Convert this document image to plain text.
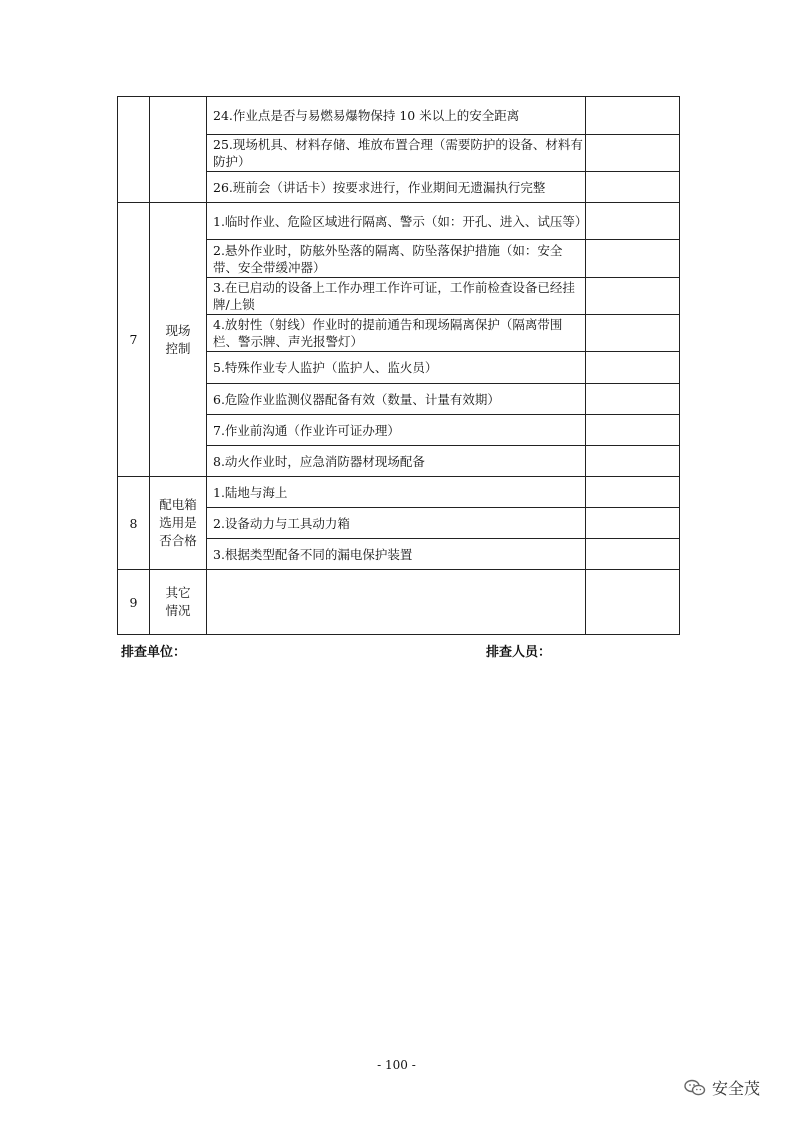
		24.作业点是否与易燃易爆物保持 10 米以上的安全距离	
		25.现场机具、材料存储、堆放布置合理（需要防护的设备、材料有防护）	
		26.班前会（讲话卡）按要求进行，作业期间无遗漏执行完整	
7	现场控制	1.临时作业、危险区域进行隔离、警示（如：开孔、进入、试压等）	
		2.悬外作业时，防舷外坠落的隔离、防坠落保护措施（如：安全带、安全带缓冲器）	
		3.在已启动的设备上工作办理工作许可证，工作前检查设备已经挂牌/上锁	
		4.放射性（射线）作业时的提前通告和现场隔离保护（隔离带围栏、警示牌、声光报警灯）	
		5.特殊作业专人监护（监护人、监火员）	
		6.危险作业监测仪器配备有效（数量、计量有效期）	
		7.作业前沟通（作业许可证办理）	
		8.动火作业时，应急消防器材现场配备	
8	配电箱选用是否合格	1.陆地与海上	
		2.设备动力与工具动力箱	
		3.根据类型配备不同的漏电保护装置	
9	其它情况		
排查单位：	排查人员：
- 100 -
安全茂
